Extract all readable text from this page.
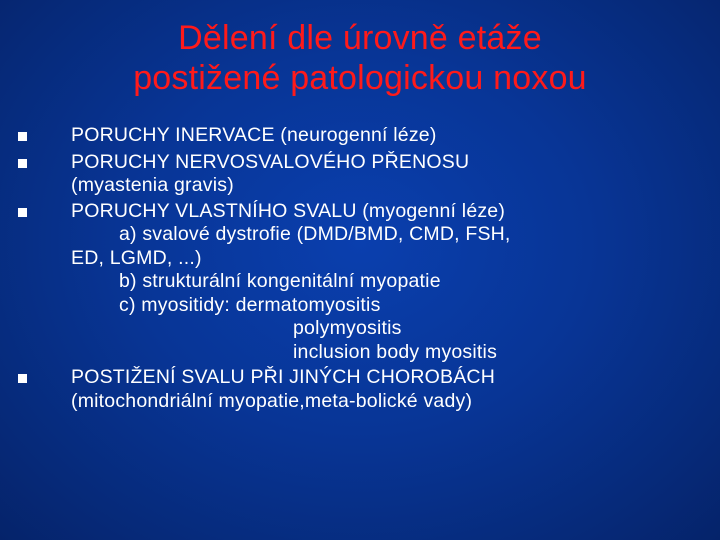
Dělení dle úrovně etáže
postižené patologickou noxou
PORUCHY INERVACE (neurogenní léze)
PORUCHY NERVOSVALOVÉHO PŘENOSU
(myastenia gravis)
PORUCHY VLASTNÍHO SVALU (myogenní léze)
a) svalové dystrofie (DMD/BMD, CMD, FSH,
ED, LGMD, ...)
b) strukturální kongenitální myopatie
c) myositidy: dermatomyositis
polymyositis
inclusion body myositis
POSTIŽENÍ SVALU PŘI JINÝCH CHOROBÁCH
(mitochondriální myopatie,meta-bolické vady)
